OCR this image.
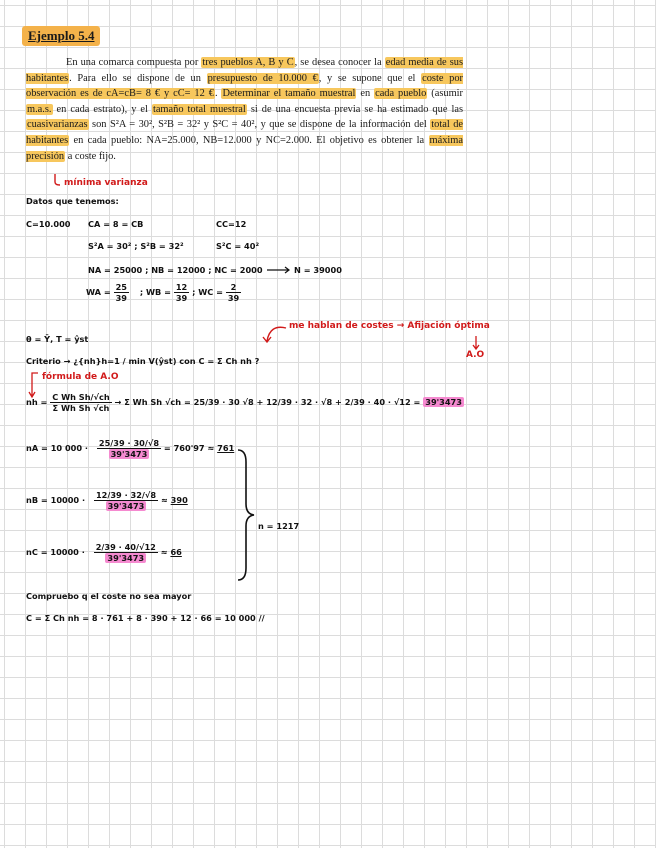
Ejemplo 5.4
En una comarca compuesta por tres pueblos A, B y C, se desea conocer la edad media de sus habitantes. Para ello se dispone de un presupuesto de 10.000 €, y se supone que el coste por observación es de cA=cB= 8 € y cC= 12 €. Determinar el tamaño muestral en cada pueblo (asumir m.a.s. en cada estrato), y el tamaño total muestral si de una encuesta previa se ha estimado que las cuasivarianzas son S²A = 30², S²B = 32² y S²C = 40², y que se dispone de la información del total de habitantes en cada pueblo: NA=25.000, NB=12.000 y NC=2.000. El objetivo es obtener la máxima precisión a coste fijo.
mínima varianza
Datos que tenemos:
C=10.000 CA = 8 = CB	CC=12
S²A = 30² ; S²B = 32²	S²C = 40²
NA = 25000 ; NB = 12000 ; NC = 2000	N = 39000
WA = $\frac{25}{39}$ ; WB = $\frac{12}{39}$ ; WC = $\frac{2}{39}$
θ = Ȳ, T = ŷst
me hablan de costes → Afijación óptima
A.O
Criterio → ¿{nh}h=1 / min V(ŷst) con C = Σ Ch nh ?
fórmula de A.O
nh = $\frac{\text{C Wh Sh/√ch}}{\text{Σ Wh Sh √ch}} \to \Sigma$ Wh Sh √ch = 25/39 · 30 √8 + 12/39 · 32 · √8 + 2/39 · 40 · √12 = 39'3473
nA = 10 $000 \cdot \frac{25/39 \cdot 30/√8}{39'3473} = 760'97 \approx 761$
nB = $10000 \cdot \frac{12/39 \cdot 32/√8}{39'3473} \approx 390$
nC = $10000 \cdot \frac{2/39 \cdot 40/√12}{39'3473} \approx 66$
n = 1217
Compruebo q el coste no sea mayor
C = Σ Ch nh = 8 · 761 + 8 · 390 + 12 · 66 = 10 000 //
